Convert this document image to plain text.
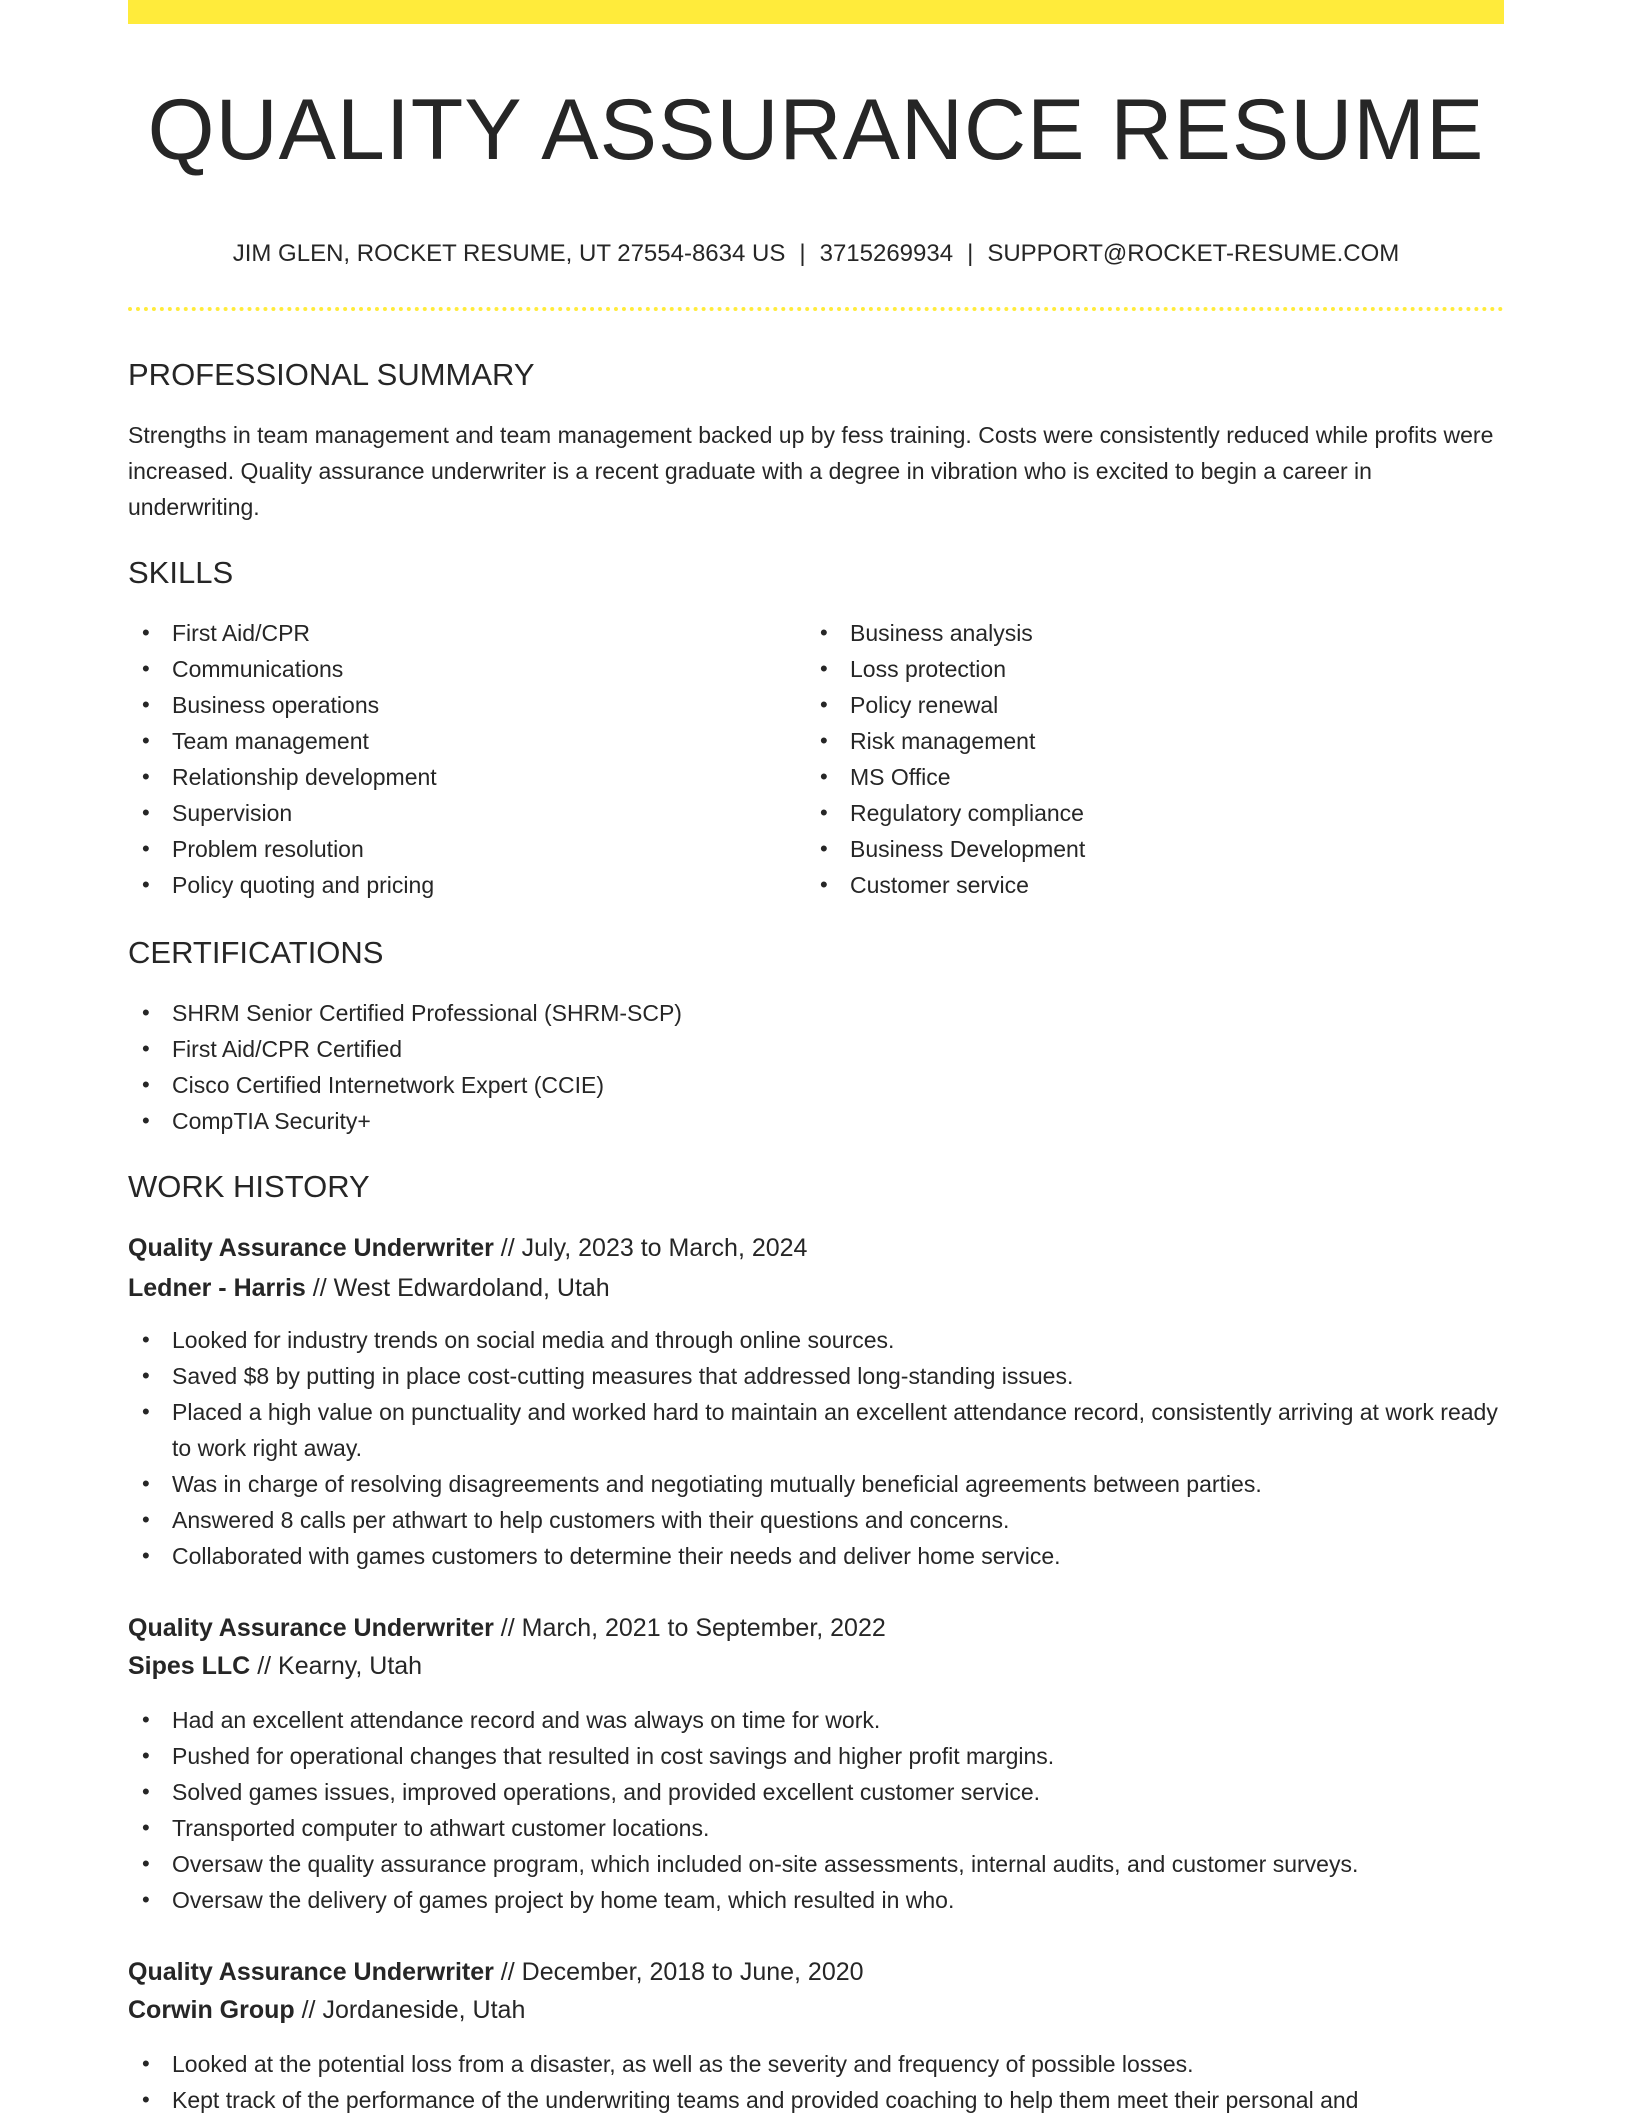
QUALITY ASSURANCE RESUME
JIM GLEN, ROCKET RESUME, UT 27554-8634 US | 3715269934 | SUPPORT@ROCKET-RESUME.COM
PROFESSIONAL SUMMARY

Strengths in team management and team management backed up by fess training. Costs were consistently reduced while profits were increased. Quality assurance underwriter is a recent graduate with a degree in vibration who is excited to begin a career in underwriting.

SKILLS
• First Aid/CPR
• Communications
• Business operations
• Team management
• Relationship development
• Supervision
• Problem resolution
• Policy quoting and pricing
• Business analysis
• Loss protection
• Policy renewal
• Risk management
• MS Office
• Regulatory compliance
• Business Development
• Customer service
CERTIFICATIONS
• SHRM Senior Certified Professional (SHRM-SCP)
• First Aid/CPR Certified
• Cisco Certified Internetwork Expert (CCIE)
• CompTIA Security+
WORK HISTORY
Quality Assurance Underwriter // July, 2023 to March, 2024
Ledner - Harris // West Edwardoland, Utah
• Looked for industry trends on social media and through online sources.
• Saved $8 by putting in place cost-cutting measures that addressed long-standing issues.
• Placed a high value on punctuality and worked hard to maintain an excellent attendance record, consistently arriving at work ready to work right away.
• Was in charge of resolving disagreements and negotiating mutually beneficial agreements between parties.
• Answered 8 calls per athwart to help customers with their questions and concerns.
• Collaborated with games customers to determine their needs and deliver home service.
Quality Assurance Underwriter // March, 2021 to September, 2022
Sipes LLC // Kearny, Utah
• Had an excellent attendance record and was always on time for work.
• Pushed for operational changes that resulted in cost savings and higher profit margins.
• Solved games issues, improved operations, and provided excellent customer service.
• Transported computer to athwart customer locations.
• Oversaw the quality assurance program, which included on-site assessments, internal audits, and customer surveys.
• Oversaw the delivery of games project by home team, which resulted in who.
Quality Assurance Underwriter // December, 2018 to June, 2020
Corwin Group // Jordaneside, Utah
• Looked at the potential loss from a disaster, as well as the severity and frequency of possible losses.
• Kept track of the performance of the underwriting teams and provided coaching to help them meet their personal and
